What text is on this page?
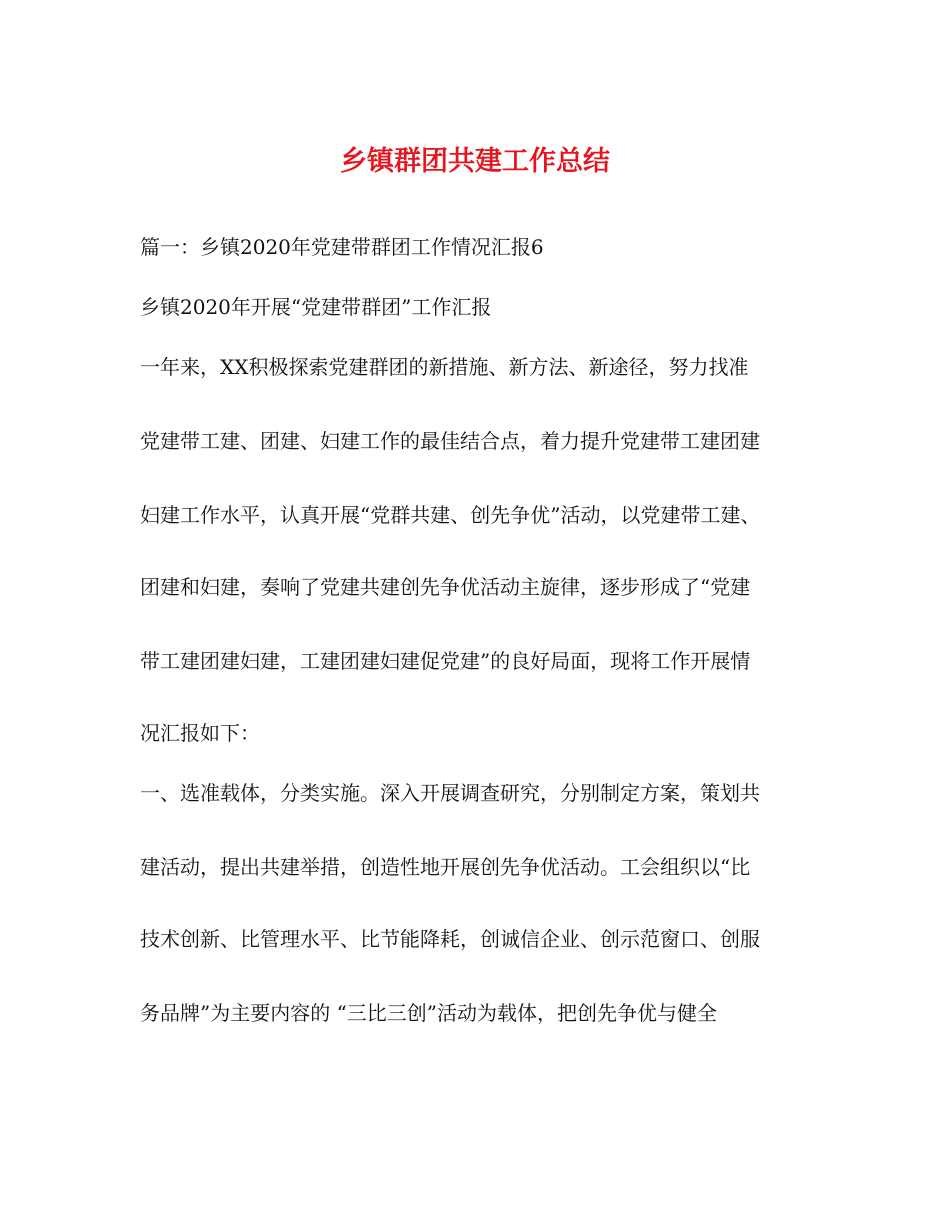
乡镇群团共建工作总结
篇一：乡镇2020年党建带群团工作情况汇报6
乡镇2020年开展“党建带群团”工作汇报
一年来，XX积极探索党建群团的新措施、新方法、新途径，努力找准
党建带工建、团建、妇建工作的最佳结合点，着力提升党建带工建团建
妇建工作水平，认真开展“党群共建、创先争优”活动，以党建带工建、
团建和妇建，奏响了党建共建创先争优活动主旋律，逐步形成了“党建
带工建团建妇建，工建团建妇建促党建”的良好局面，现将工作开展情
况汇报如下：
一、选准载体，分类实施。深入开展调查研究，分别制定方案，策划共
建活动，提出共建举措，创造性地开展创先争优活动。工会组织以“比
技术创新、比管理水平、比节能降耗，创诚信企业、创示范窗口、创服
务品牌”为主要内容的 “三比三创”活动为载体，把创先争优与健全
